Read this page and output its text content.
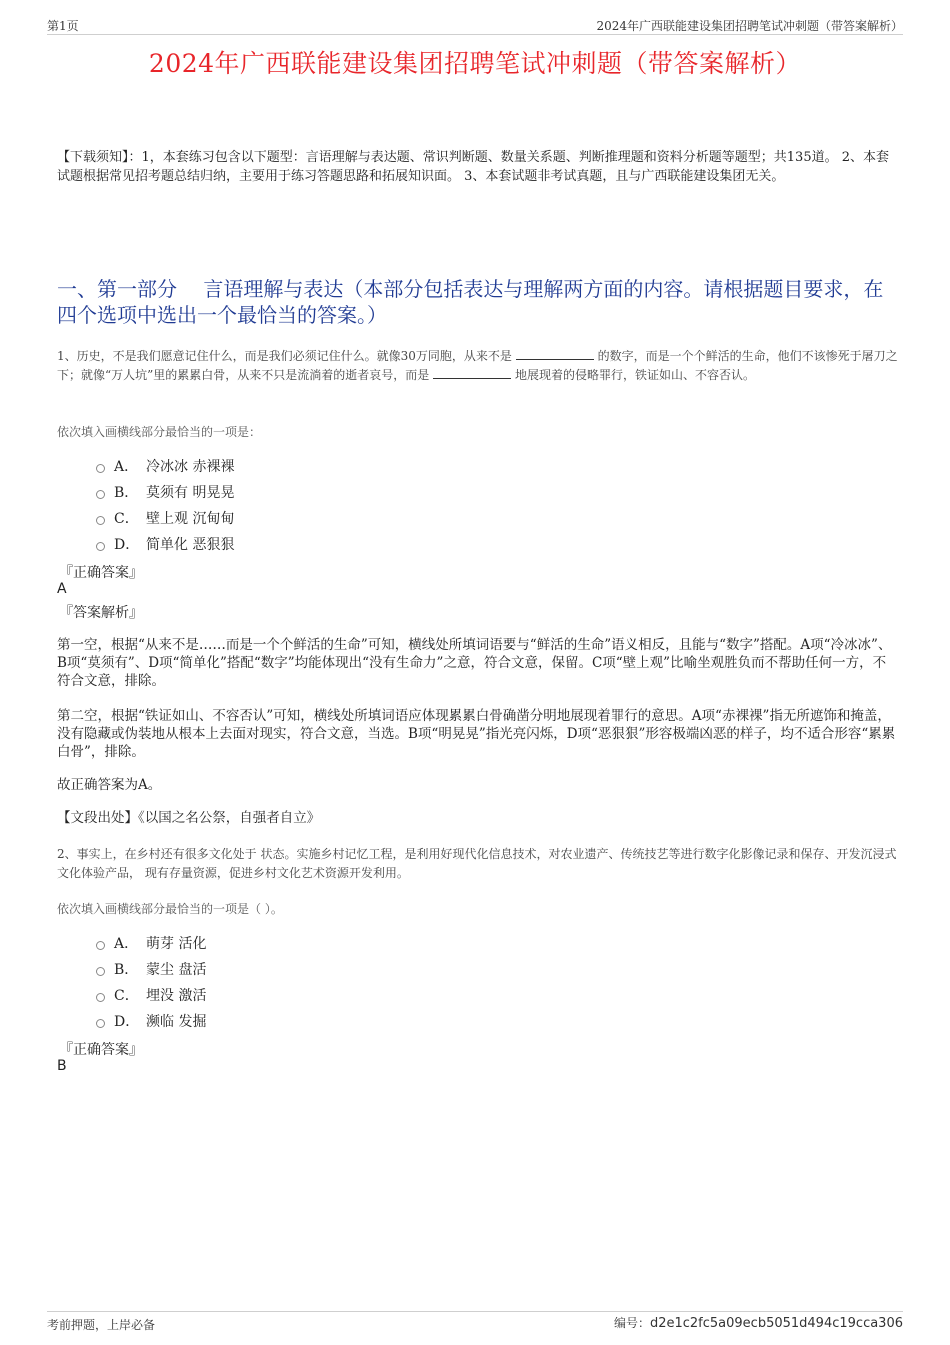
第1页	2024年广西联能建设集团招聘笔试冲刺题（带答案解析）
2024年广西联能建设集团招聘笔试冲刺题（带答案解析）
【下载须知】：1，本套练习包含以下题型：言语理解与表达题、常识判断题、数量关系题、判断推理题和资料分析题等题型；共135道。 2、本套试题根据常见招考题总结归纳，主要用于练习答题思路和拓展知识面。 3、本套试题非考试真题，且与广西联能建设集团无关。
一、第一部分　 言语理解与表达（本部分包括表达与理解两方面的内容。请根据题目要求，在四个选项中选出一个最恰当的答案。）
1、历史，不是我们愿意记住什么，而是我们必须记住什么。就像30万同胞，从来不是	的数字，而是一个个鲜活的生命，他们不该惨死于屠刀之下；就像“万人坑”里的累累白骨，从来不只是流淌着的逝者哀号，而是	地展现着的侵略罪行，铁证如山、不容否认。
依次填入画横线部分最恰当的一项是：
A． 冷冰冰 赤裸裸
B． 莫须有 明晃晃
C． 壁上观 沉甸甸
D． 简单化 恶狠狠
『正确答案』
A
『答案解析』
第一空，根据“从来不是……而是一个个鲜活的生命”可知，横线处所填词语要与“鲜活的生命”语义相反，且能与“数字”搭配。A项“冷冰冰”、B项“莫须有”、D项“简单化”搭配“数字”均能体现出“没有生命力”之意，符合文意，保留。C项“壁上观”比喻坐观胜负而不帮助任何一方，不符合文意，排除。
第二空，根据“铁证如山、不容否认”可知，横线处所填词语应体现累累白骨确凿分明地展现着罪行的意思。A项“赤裸裸”指无所遮饰和掩盖，没有隐藏或伪装地从根本上去面对现实，符合文意，当选。B项“明晃晃”指光亮闪烁，D项“恶狠狠”形容极端凶恶的样子，均不适合形容“累累白骨”，排除。
故正确答案为A。
【文段出处】《以国之名公祭，自强者自立》
2、事实上，在乡村还有很多文化处于 状态。实施乡村记忆工程，是利用好现代化信息技术，对农业遗产、传统技艺等进行数字化影像记录和保存、开发沉浸式文化体验产品， 现有存量资源，促进乡村文化艺术资源开发利用。
依次填入画横线部分最恰当的一项是（ ）。
A． 萌芽 活化
B． 蒙尘 盘活
C． 埋没 激活
D． 濒临 发掘
『正确答案』
B
考前押题，上岸必备	编号：d2e1c2fc5a09ecb5051d494c19cca306
